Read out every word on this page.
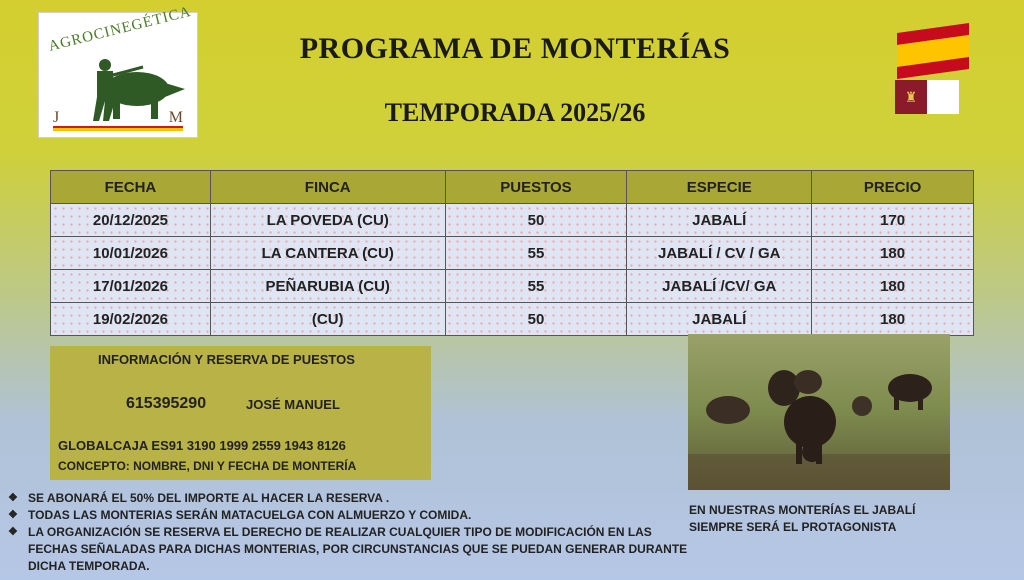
AGROCINEGÉTICA
J	M
PROGRAMA DE MONTERÍAS
TEMPORADA 2025/26
♜
FECHA	FINCA	PUESTOS	ESPECIE	PRECIO
20/12/2025	LA POVEDA (CU)	50	JABALÍ	170
10/01/2026	LA CANTERA (CU)	55	JABALÍ / CV / GA	180
17/01/2026	PEÑARUBIA (CU)	55	JABALÍ /CV/ GA	180
19/02/2026	(CU)	50	JABALÍ	180
INFORMACIÓN Y RESERVA DE PUESTOS
615395290	JOSÉ MANUEL
GLOBALCAJA ES91 3190 1999 2559 1943 8126
CONCEPTO: NOMBRE, DNI Y FECHA DE MONTERÍA
EN NUESTRAS MONTERÍAS EL JABALÍ
SIEMPRE SERÁ EL PROTAGONISTA
❖ SE ABONARÁ EL 50% DEL IMPORTE AL HACER LA RESERVA .
❖ TODAS LAS MONTERIAS SERÁN MATACUELGA CON ALMUERZO Y COMIDA.
❖ LA ORGANIZACIÓN SE RESERVA EL DERECHO DE REALIZAR CUALQUIER TIPO DE MODIFICACIÓN EN LAS FECHAS SEÑALADAS PARA DICHAS MONTERIAS, POR CIRCUNSTANCIAS QUE SE PUEDAN GENERAR DURANTE DICHA TEMPORADA.
